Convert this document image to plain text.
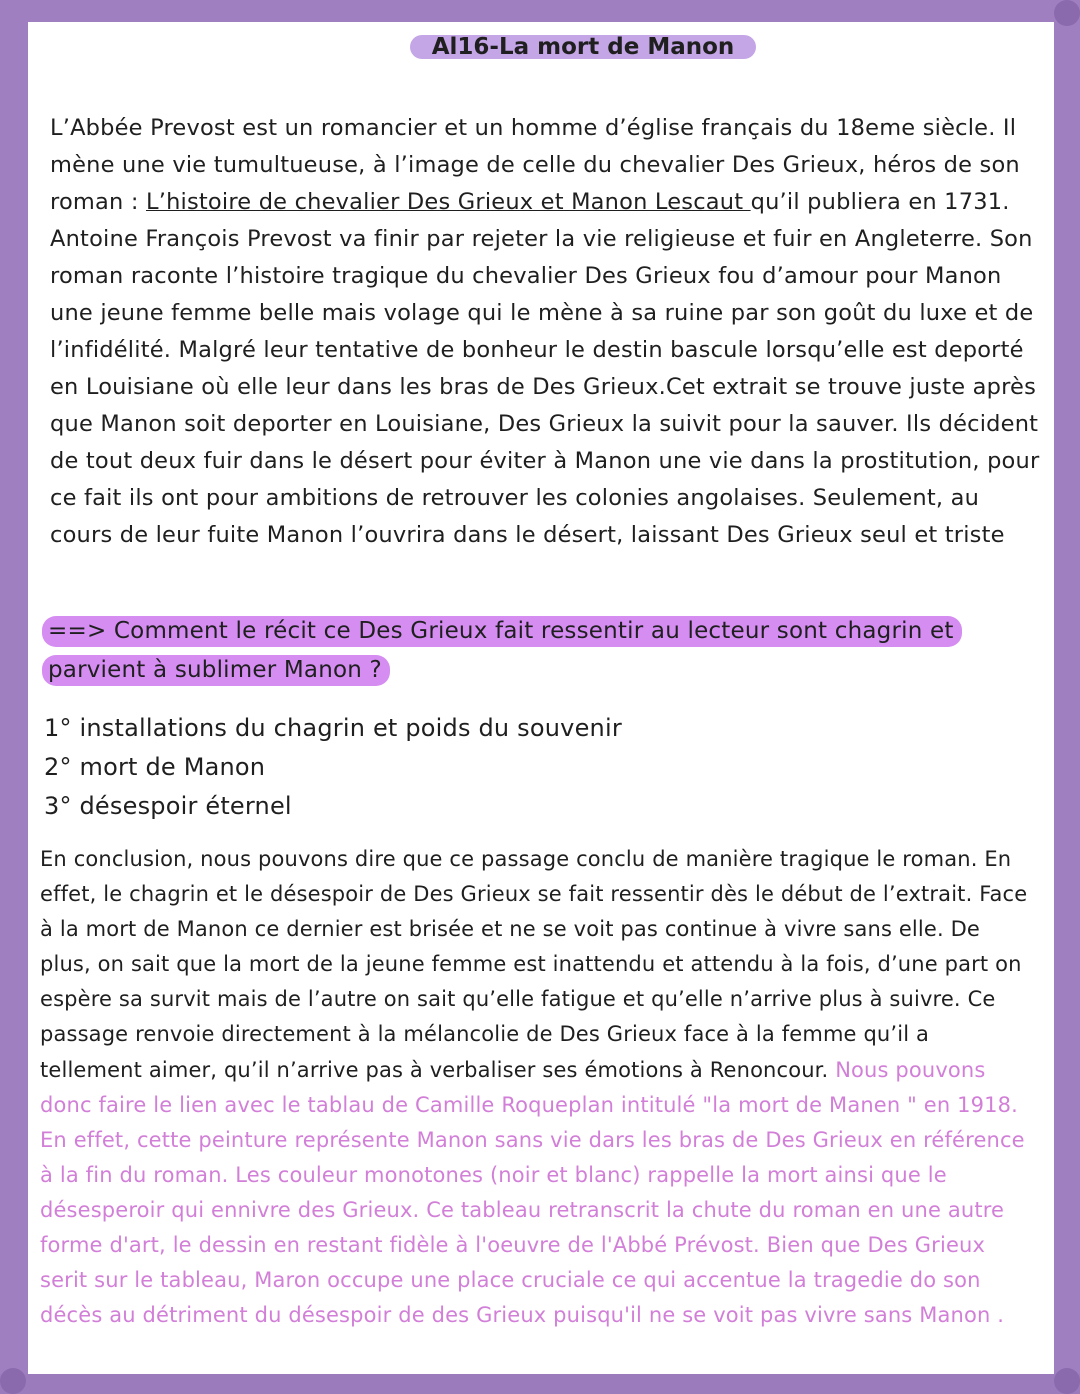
Al16-La mort de Manon
L’Abbée Prevost est un romancier et un homme d’église français du 18eme siècle. Il mène une vie tumultueuse, à l’image de celle du chevalier Des Grieux, héros de son roman : L’histoire de chevalier Des Grieux et Manon Lescaut qu’il publiera en 1731. Antoine François Prevost va finir par rejeter la vie religieuse et fuir en Angleterre. Son roman raconte l’histoire tragique du chevalier Des Grieux fou d’amour pour Manon une jeune femme belle mais volage qui le mène à sa ruine par son goût du luxe et de l’infidélité. Malgré leur tentative de bonheur le destin bascule lorsqu’elle est deporté en Louisiane où elle leur dans les bras de Des Grieux.Cet extrait se trouve juste après que Manon soit deporter en Louisiane, Des Grieux la suivit pour la sauver. Ils décident de tout deux fuir dans le désert pour éviter à Manon une vie dans la prostitution, pour ce fait ils ont pour ambitions de retrouver les colonies angolaises. Seulement, au cours de leur fuite Manon l’ouvrira dans le désert, laissant Des Grieux seul et triste
==> Comment le récit ce Des Grieux fait ressentir au lecteur sont chagrin et parvient à sublimer Manon ?
1° installations du chagrin et poids du souvenir
2° mort de Manon
3° désespoir éternel
En conclusion, nous pouvons dire que ce passage conclu de manière tragique le roman. En effet, le chagrin et le désespoir de Des Grieux se fait ressentir dès le début de l’extrait. Face à la mort de Manon ce dernier est brisée et ne se voit pas continue à vivre sans elle. De plus, on sait que la mort de la jeune femme est inattendu et attendu à la fois, d’une part on espère sa survit mais de l’autre on sait qu’elle fatigue et qu’elle n’arrive plus à suivre. Ce passage renvoie directement à la mélancolie de Des Grieux face à la femme qu’il a tellement aimer, qu’il n’arrive pas à verbaliser ses émotions à Renoncour. Nous pouvons donc faire le lien avec le tablau de Camille Roqueplan intitulé "la mort de Manen " en 1918. En effet, cette peinture représente Manon sans vie dars les bras de Des Grieux en référence à la fin du roman. Les couleur monotones (noir et blanc) rappelle la mort ainsi que le désesperoir qui ennivre des Grieux. Ce tableau retranscrit la chute du roman en une autre forme d'art, le dessin en restant fidèle à l'oeuvre de l'Abbé Prévost. Bien que Des Grieux serit sur le tableau, Maron occupe une place cruciale ce qui accentue la tragedie do son décès au détriment du désespoir de des Grieux puisqu'il ne se voit pas vivre sans Manon .
